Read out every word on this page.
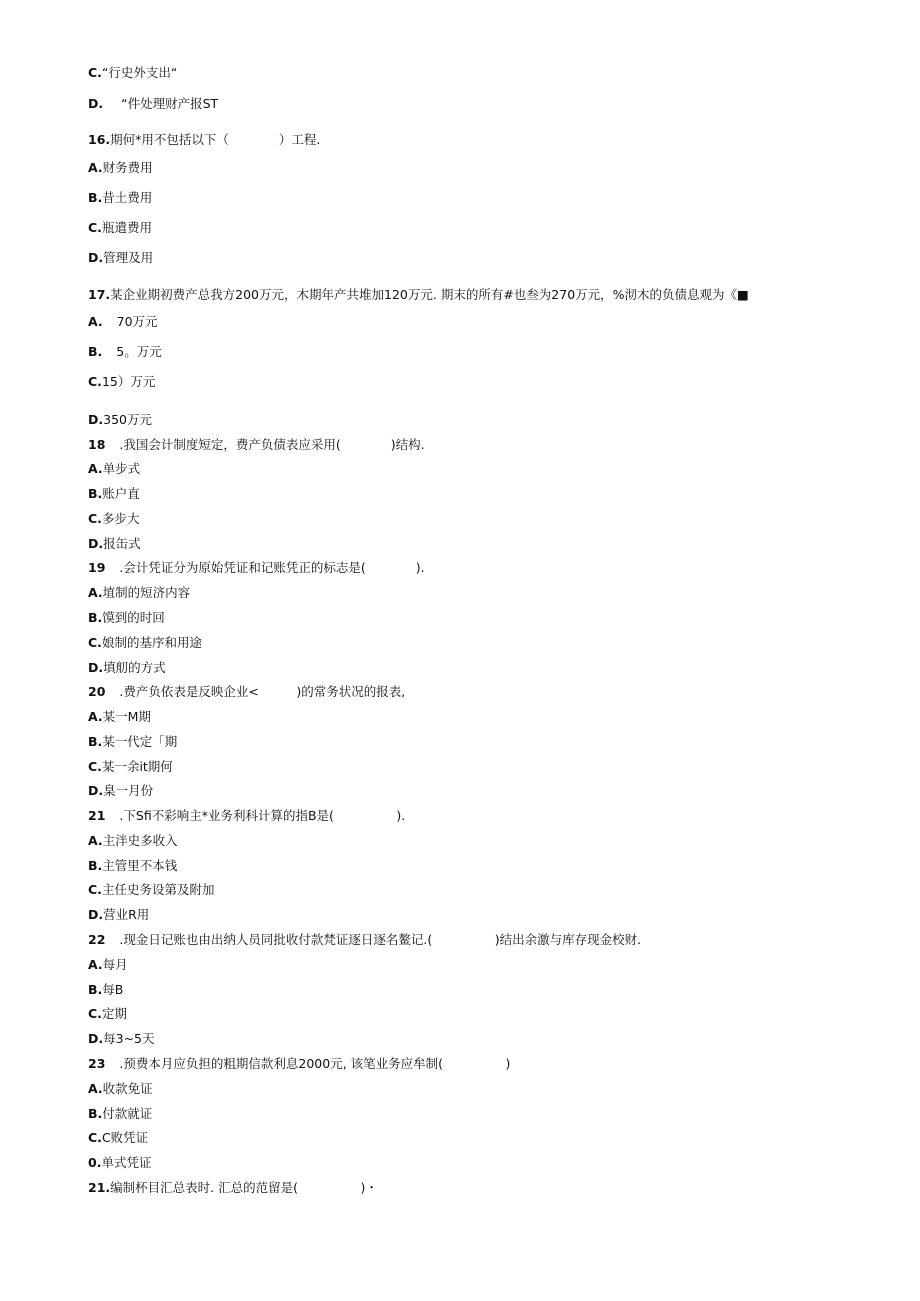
C.“行史外支出“
D. “件处理财产报ST
16.期何*用不包括以下（　　　　）工程.
A.财务费用
B.昔土费用
C.瓶遣费用
D.管理及用
17.某企业期初费产总我方200万元，木期年产共堆加120万元. 期末的所有#也叁为270万元，%沏木的负债息观为《■
A. 70万元
B. 5。万元
C.15）万元
D.350万元
18 .我国会计制度短定，费产负债表应采用(　　　　)结构.
A.单步式
B.账户直
C.多步大
D.报缶式
19 .会计凭证分为原始凭证和记账凭正的标志是(　　　　).
A.埴制的短济内容
B.馍到的时回
C.娘制的基序和用途
D.填舠的方式
20 .费产负依表是反映企业<　　　)的常务状况的报表,
A.某一M期
B.某一代定「期
C.某一余it期何
D.臬一月份
21 .下Sfi不彩响主*业务利科计算的指B是(　　　　　).
A.主泮史多收入
B.主管里不本钱
C.主任史务设第及附加
D.营业R用
22 .现金日记账也由出纳人员同批收付款梵证逐日逐名鳌记.(　　　　　)结出余激与库存现金校财.
A.每月
B.每B
C.定期
D.每3~5天
23 .预费本月应负担的粗期信款利息2000元, 该笔业务应牟制(　　　　　)
A.收款免证
B.付款就证
C.C败凭证
0.单式凭证
21.编制杯目汇总表时. 汇总的范留是(　　　　　)・
